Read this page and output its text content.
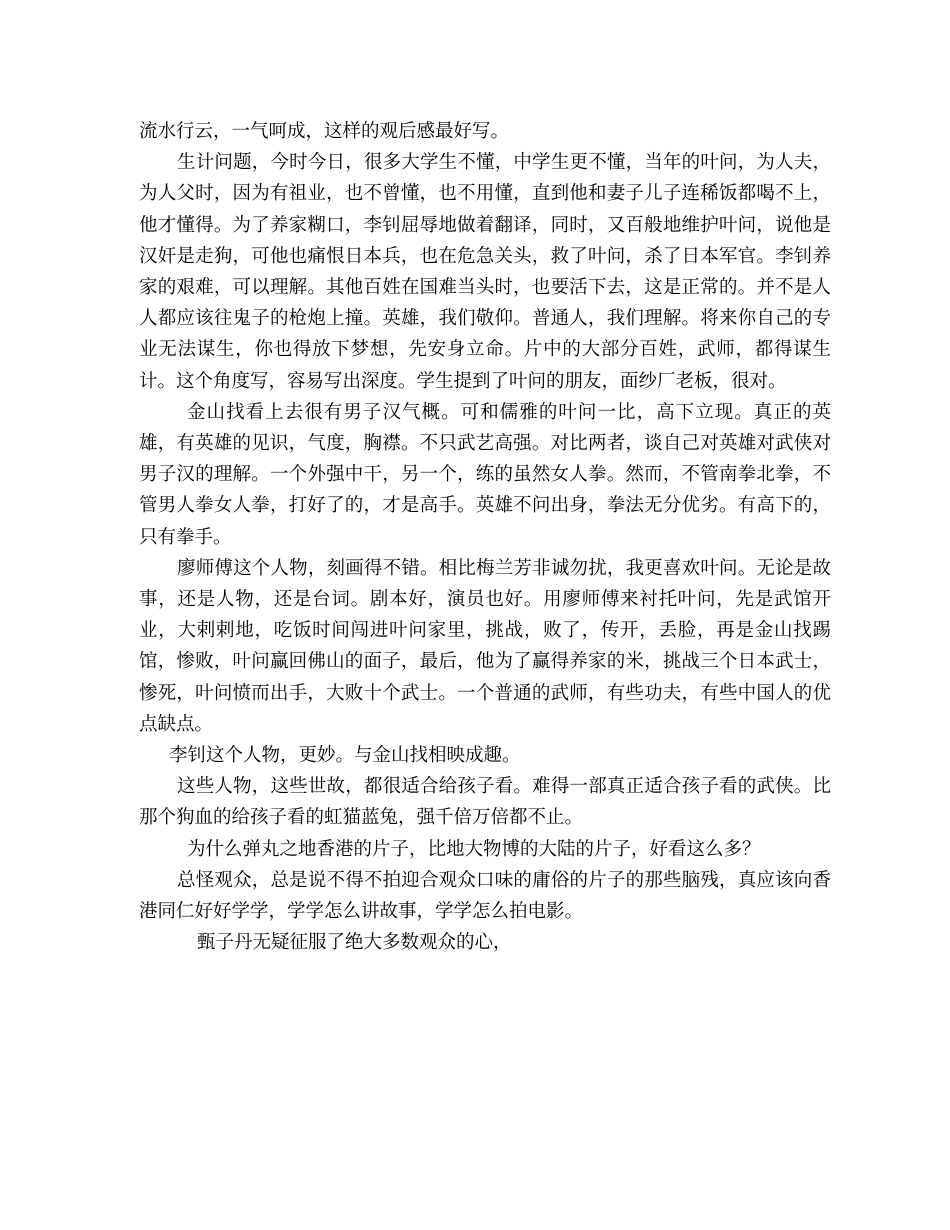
流水行云，一气呵成，这样的观后感最好写。

生计问题，今时今日，很多大学生不懂，中学生更不懂，当年的叶问，为人夫，为人父时，因为有祖业，也不曾懂，也不用懂，直到他和妻子儿子连稀饭都喝不上，他才懂得。为了养家糊口，李钊屈辱地做着翻译，同时，又百般地维护叶问，说他是汉奸是走狗，可他也痛恨日本兵，也在危急关头，救了叶问，杀了日本军官。李钊养家的艰难，可以理解。其他百姓在国难当头时，也要活下去，这是正常的。并不是人人都应该往鬼子的枪炮上撞。英雄，我们敬仰。普通人，我们理解。将来你自己的专业无法谋生，你也得放下梦想，先安身立命。片中的大部分百姓，武师，都得谋生计。这个角度写，容易写出深度。学生提到了叶问的朋友，面纱厂老板，很对。

金山找看上去很有男子汉气概。可和儒雅的叶问一比，高下立现。真正的英雄，有英雄的见识，气度，胸襟。不只武艺高强。对比两者，谈自己对英雄对武侠对男子汉的理解。一个外强中干，另一个，练的虽然女人拳。然而，不管南拳北拳，不管男人拳女人拳，打好了的，才是高手。英雄不问出身，拳法无分优劣。有高下的，只有拳手。

廖师傅这个人物，刻画得不错。相比梅兰芳非诚勿扰，我更喜欢叶问。无论是故事，还是人物，还是台词。剧本好，演员也好。用廖师傅来衬托叶问，先是武馆开业，大剌剌地，吃饭时间闯进叶问家里，挑战，败了，传开，丢脸，再是金山找踢馆，惨败，叶问赢回佛山的面子，最后，他为了赢得养家的米，挑战三个日本武士，惨死，叶问愤而出手，大败十个武士。一个普通的武师，有些功夫，有些中国人的优点缺点。

李钊这个人物，更妙。与金山找相映成趣。

这些人物，这些世故，都很适合给孩子看。难得一部真正适合孩子看的武侠。比那个狗血的给孩子看的虹猫蓝兔，强千倍万倍都不止。

为什么弹丸之地香港的片子，比地大物博的大陆的片子，好看这么多？

总怪观众，总是说不得不拍迎合观众口味的庸俗的片子的那些脑残，真应该向香港同仁好好学学，学学怎么讲故事，学学怎么拍电影。

甄子丹无疑征服了绝大多数观众的心，
